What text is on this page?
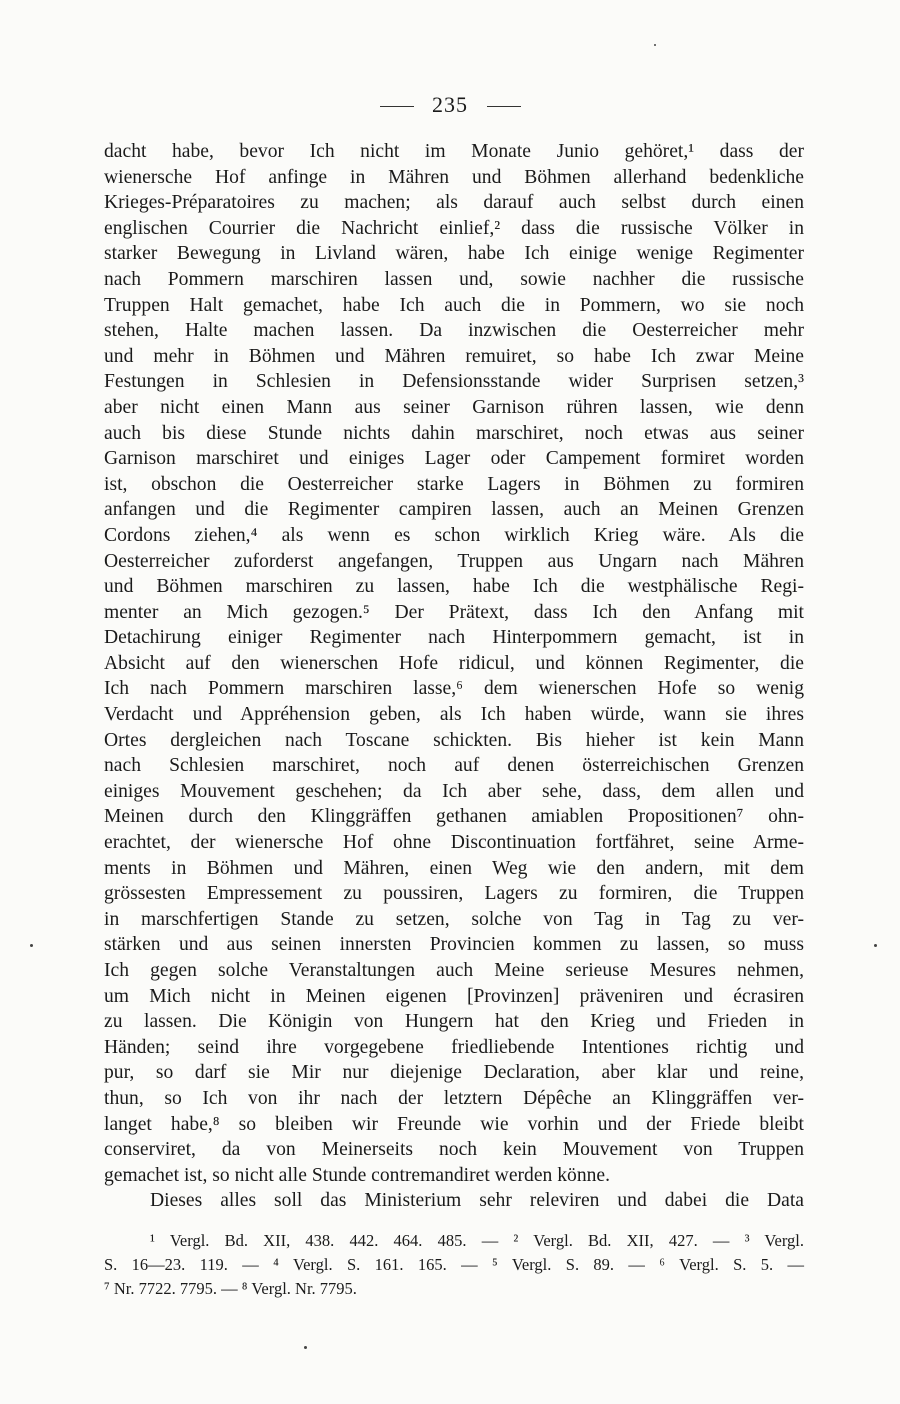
235
dacht habe, bevor Ich nicht im Monate Junio gehöret,¹ dass der
wienersche Hof anfinge in Mähren und Böhmen allerhand bedenkliche
Krieges-Préparatoires zu machen; als darauf auch selbst durch einen
englischen Courrier die Nachricht einlief,² dass die russische Völker in
starker Bewegung in Livland wären, habe Ich einige wenige Regimenter
nach Pommern marschiren lassen und, sowie nachher die russische
Truppen Halt gemachet, habe Ich auch die in Pommern, wo sie noch
stehen, Halte machen lassen. Da inzwischen die Oesterreicher mehr
und mehr in Böhmen und Mähren remuiret, so habe Ich zwar Meine
Festungen in Schlesien in Defensionsstande wider Surprisen setzen,³
aber nicht einen Mann aus seiner Garnison rühren lassen, wie denn
auch bis diese Stunde nichts dahin marschiret, noch etwas aus seiner
Garnison marschiret und einiges Lager oder Campement formiret worden
ist, obschon die Oesterreicher starke Lagers in Böhmen zu formiren
anfangen und die Regimenter campiren lassen, auch an Meinen Grenzen
Cordons ziehen,⁴ als wenn es schon wirklich Krieg wäre. Als die
Oesterreicher zuforderst angefangen, Truppen aus Ungarn nach Mähren
und Böhmen marschiren zu lassen, habe Ich die westphälische Regi-
menter an Mich gezogen.⁵ Der Prätext, dass Ich den Anfang mit
Detachirung einiger Regimenter nach Hinterpommern gemacht, ist in
Absicht auf den wienerschen Hofe ridicul, und können Regimenter, die
Ich nach Pommern marschiren lasse,⁶ dem wienerschen Hofe so wenig
Verdacht und Appréhension geben, als Ich haben würde, wann sie ihres
Ortes dergleichen nach Toscane schickten. Bis hieher ist kein Mann
nach Schlesien marschiret, noch auf denen österreichischen Grenzen
einiges Mouvement geschehen; da Ich aber sehe, dass, dem allen und
Meinen durch den Klinggräffen gethanen amiablen Propositionen⁷ ohn-
erachtet, der wienersche Hof ohne Discontinuation fortfähret, seine Arme-
ments in Böhmen und Mähren, einen Weg wie den andern, mit dem
grössesten Empressement zu poussiren, Lagers zu formiren, die Truppen
in marschfertigen Stande zu setzen, solche von Tag in Tag zu ver-
stärken und aus seinen innersten Provincien kommen zu lassen, so muss
Ich gegen solche Veranstaltungen auch Meine serieuse Mesures nehmen,
um Mich nicht in Meinen eigenen [Provinzen] präveniren und écrasiren
zu lassen. Die Königin von Hungern hat den Krieg und Frieden in
Händen; seind ihre vorgegebene friedliebende Intentiones richtig und
pur, so darf sie Mir nur diejenige Declaration, aber klar und reine,
thun, so Ich von ihr nach der letztern Dépêche an Klinggräffen ver-
langet habe,⁸ so bleiben wir Freunde wie vorhin und der Friede bleibt
conserviret, da von Meinerseits noch kein Mouvement von Truppen
gemachet ist, so nicht alle Stunde contremandiret werden könne.
Dieses alles soll das Ministerium sehr releviren und dabei die Data
¹ Vergl. Bd. XII, 438. 442. 464. 485. — ² Vergl. Bd. XII, 427. — ³ Vergl.
S. 16—23. 119. — ⁴ Vergl. S. 161. 165. — ⁵ Vergl. S. 89. — ⁶ Vergl. S. 5. —
⁷ Nr. 7722. 7795. — ⁸ Vergl. Nr. 7795.
